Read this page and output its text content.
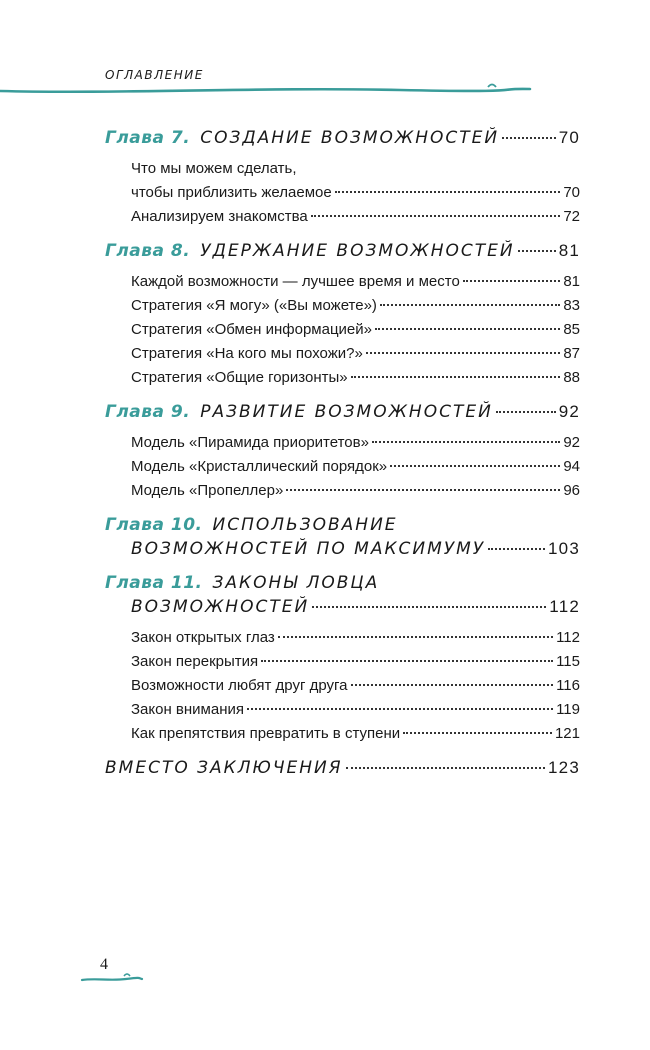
ОГЛАВЛЕНИЕ
Глава 7. СОЗДАНИЕ ВОЗМОЖНОСТЕЙ	70
Что мы можем сделать,
чтобы приблизить желаемое	70
Анализируем знакомства	72
Глава 8. УДЕРЖАНИЕ ВОЗМОЖНОСТЕЙ	81
Каждой возможности — лучшее время и место	81
Стратегия «Я могу» («Вы можете»)	83
Стратегия «Обмен информацией»	85
Стратегия «На кого мы похожи?»	87
Стратегия «Общие горизонты»	88
Глава 9. РАЗВИТИЕ ВОЗМОЖНОСТЕЙ	92
Модель «Пирамида приоритетов»	92
Модель «Кристаллический порядок»	94
Модель «Пропеллер»	96
Глава 10. ИСПОЛЬЗОВАНИЕ
ВОЗМОЖНОСТЕЙ ПО МАКСИМУМУ	103
Глава 11. ЗАКОНЫ ЛОВЦА
ВОЗМОЖНОСТЕЙ	112
Закон открытых глаз	112
Закон перекрытия	115
Возможности любят друг друга	116
Закон внимания	119
Как препятствия превратить в ступени	121
ВМЕСТО ЗАКЛЮЧЕНИЯ	123
4
